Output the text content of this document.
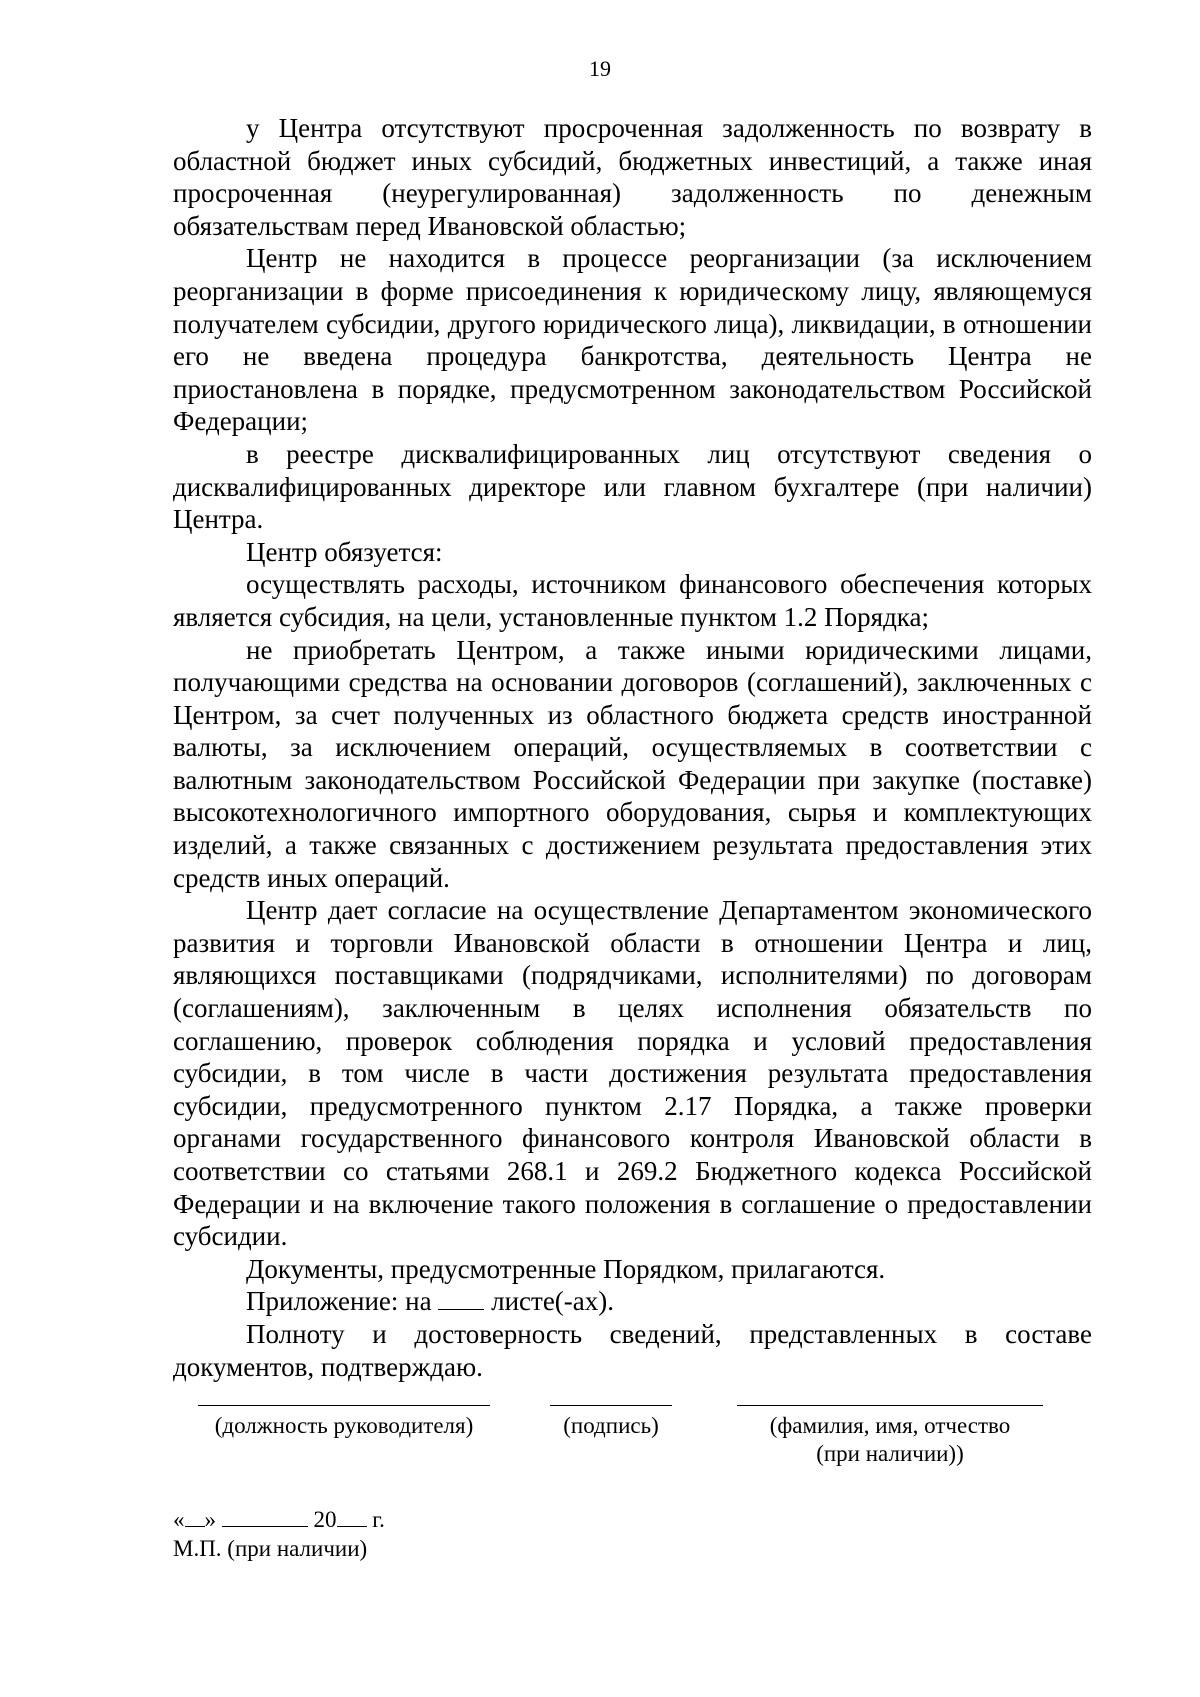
19

у Центра отсутствуют просроченная задолженность по возврату в областной бюджет иных субсидий, бюджетных инвестиций, а также иная просроченная (неурегулированная) задолженность по денежным обязательствам перед Ивановской областью;

Центр не находится в процессе реорганизации (за исключением реорганизации в форме присоединения к юридическому лицу, являющемуся получателем субсидии, другого юридического лица), ликвидации, в отношении его не введена процедура банкротства, деятельность Центра не приостановлена в порядке, предусмотренном законодательством Российской Федерации;

в реестре дисквалифицированных лиц отсутствуют сведения о дисквалифицированных директоре или главном бухгалтере (при наличии) Центра.

Центр обязуется:

осуществлять расходы, источником финансового обеспечения которых является субсидия, на цели, установленные пунктом 1.2 Порядка;

не приобретать Центром, а также иными юридическими лицами, получающими средства на основании договоров (соглашений), заключенных с Центром, за счет полученных из областного бюджета средств иностранной валюты, за исключением операций, осуществляемых в соответствии с валютным законодательством Российской Федерации при закупке (поставке) высокотехнологичного импортного оборудования, сырья и комплектующих изделий, а также связанных с достижением результата предоставления этих средств иных операций.

Центр дает согласие на осуществление Департаментом экономического развития и торговли Ивановской области в отношении Центра и лиц, являющихся поставщиками (подрядчиками, исполнителями) по договорам (соглашениям), заключенным в целях исполнения обязательств по соглашению, проверок соблюдения порядка и условий предоставления субсидии, в том числе в части достижения результата предоставления субсидии, предусмотренного пунктом 2.17 Порядка, а также проверки органами государственного финансового контроля Ивановской области в соответствии со статьями 268.1 и 269.2 Бюджетного кодекса Российской Федерации и на включение такого положения в соглашение о предоставлении субсидии.

Документы, предусмотренные Порядком, прилагаются.

Приложение: на листе(-ах).

Полноту и достоверность сведений, представленных в составе документов, подтверждаю.

(должность руководителя)	(подпись)	(фамилия, имя, отчество
(при наличии))
« »	20 г.
М.П. (при наличии)
